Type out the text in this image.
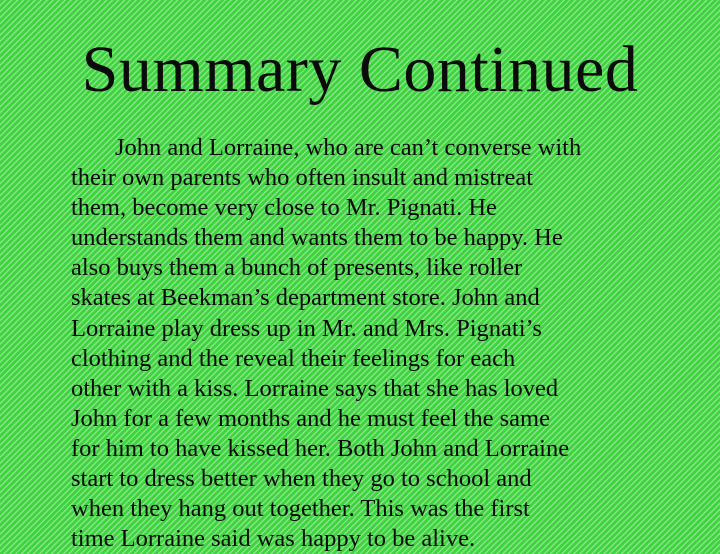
Summary Continued
John and Lorraine, who are can’t converse with
their own parents who often insult and mistreat
them, become very close to Mr. Pignati. He
understands them and wants them to be happy. He
also buys them a bunch of presents, like roller
skates at Beekman’s department store. John and
Lorraine play dress up in Mr. and Mrs. Pignati’s
clothing and the reveal their feelings for each
other with a kiss. Lorraine says that she has loved
John for a few months and he must feel the same
for him to have kissed her. Both John and Lorraine
start to dress better when they go to school and
when they hang out together. This was the first
time Lorraine said was happy to be alive.
